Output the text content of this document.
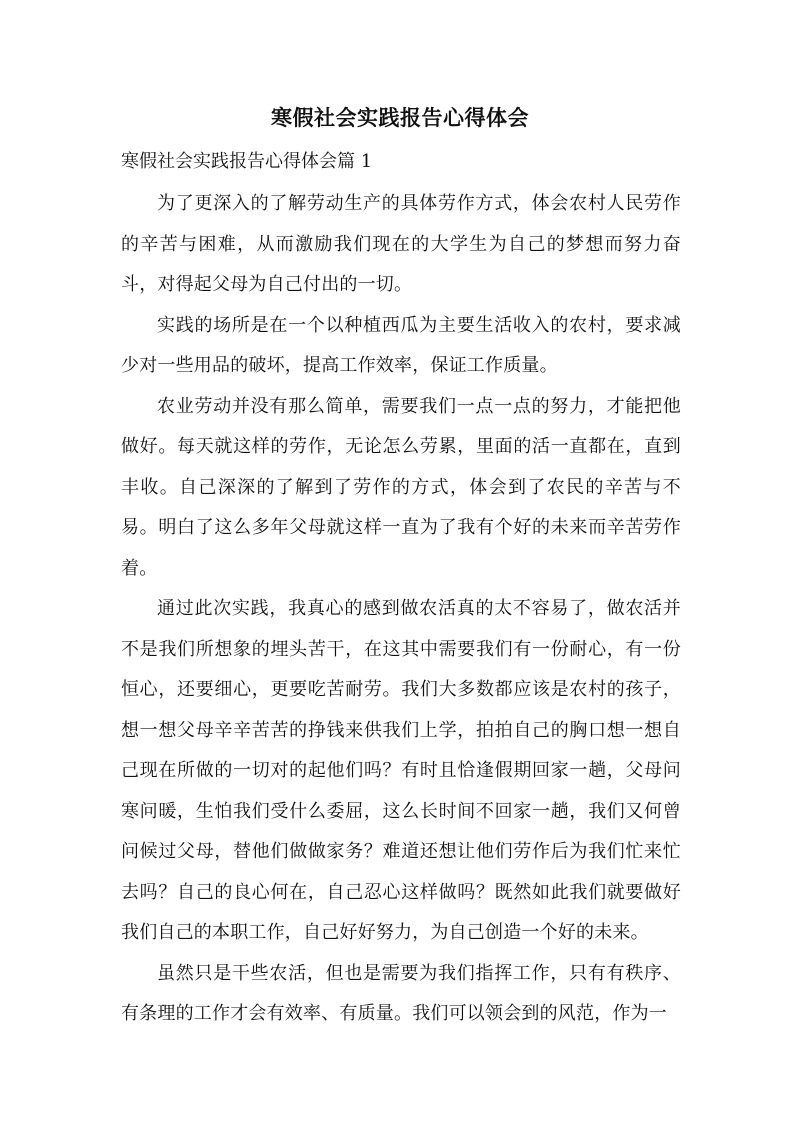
寒假社会实践报告心得体会
寒假社会实践报告心得体会篇 1

为了更深入的了解劳动生产的具体劳作方式，体会农村人民劳作的辛苦与困难，从而激励我们现在的大学生为自己的梦想而努力奋斗，对得起父母为自己付出的一切。

实践的场所是在一个以种植西瓜为主要生活收入的农村，要求减少对一些用品的破坏，提高工作效率，保证工作质量。

农业劳动并没有那么简单，需要我们一点一点的努力，才能把他做好。每天就这样的劳作，无论怎么劳累，里面的活一直都在，直到丰收。自己深深的了解到了劳作的方式，体会到了农民的辛苦与不易。明白了这么多年父母就这样一直为了我有个好的未来而辛苦劳作着。

通过此次实践，我真心的感到做农活真的太不容易了，做农活并不是我们所想象的埋头苦干，在这其中需要我们有一份耐心，有一份恒心，还要细心，更要吃苦耐劳。我们大多数都应该是农村的孩子，想一想父母辛辛苦苦的挣钱来供我们上学，拍拍自己的胸口想一想自己现在所做的一切对的起他们吗？有时且恰逢假期回家一趟，父母问寒问暖，生怕我们受什么委屈，这么长时间不回家一趟，我们又何曾问候过父母，替他们做做家务？难道还想让他们劳作后为我们忙来忙去吗？自己的良心何在，自己忍心这样做吗？既然如此我们就要做好我们自己的本职工作，自己好好努力，为自己创造一个好的未来。

虽然只是干些农活，但也是需要为我们指挥工作，只有有秩序、有条理的工作才会有效率、有质量。我们可以领会到的风范，作为一
